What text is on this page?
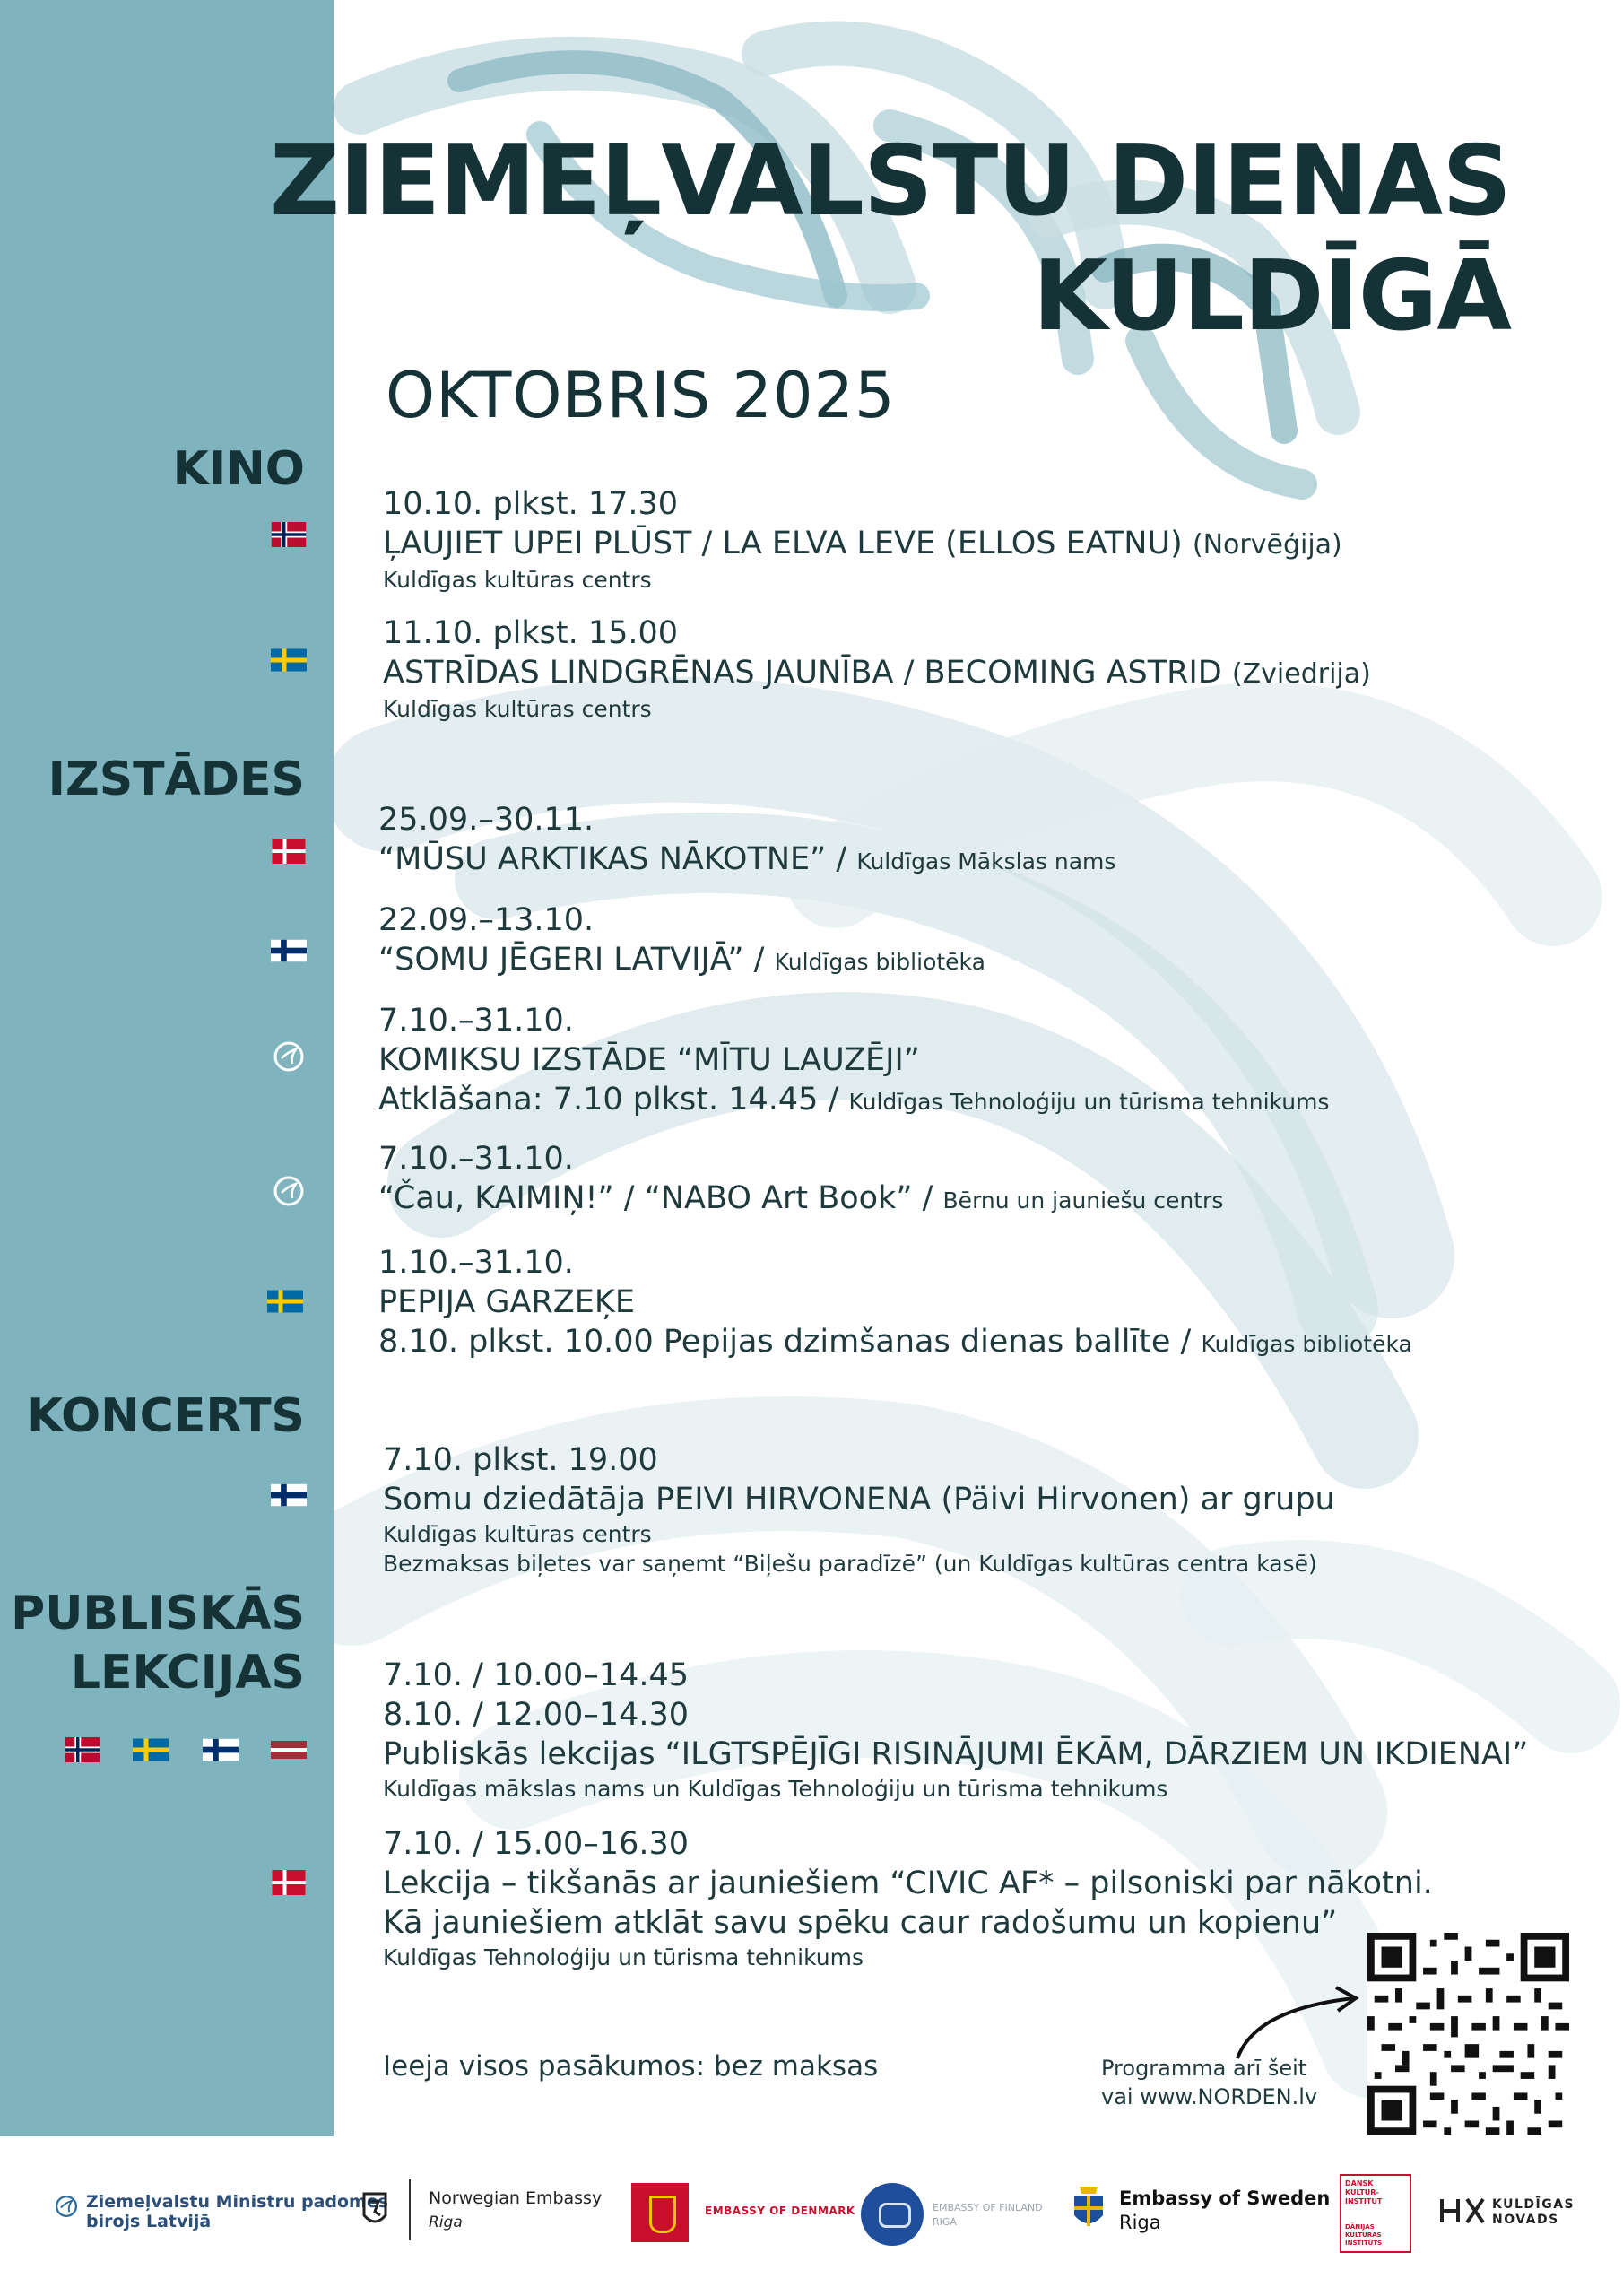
ZIEMEĻVALSTU DIENAS
KULDĪGĀ
OKTOBRIS 2025
KINO
IZSTĀDES
KONCERTS
PUBLISKĀS
LEKCIJAS
10.10. plkst. 17.30
ĻAUJIET UPEI PLŪST / LA ELVA LEVE (ELLOS EATNU) (Norvēģija)
Kuldīgas kultūras centrs
11.10. plkst. 15.00
ASTRĪDAS LINDGRĒNAS JAUNĪBA / BECOMING ASTRID (Zviedrija)
Kuldīgas kultūras centrs
25.09.–30.11.
“MŪSU ARKTIKAS NĀKOTNE” / Kuldīgas Mākslas nams
22.09.–13.10.
“SOMU JĒGERI LATVIJĀ” / Kuldīgas bibliotēka
7.10.–31.10.
KOMIKSU IZSTĀDE “MĪTU LAUZĒJI”
Atklāšana: 7.10 plkst. 14.45 / Kuldīgas Tehnoloģiju un tūrisma tehnikums
7.10.–31.10.
“Čau, KAIMIŅ!” / “NABO Art Book” / Bērnu un jauniešu centrs
1.10.–31.10.
PEPIJA GARZEĶE
8.10. plkst. 10.00 Pepijas dzimšanas dienas ballīte / Kuldīgas bibliotēka
7.10. plkst. 19.00
Somu dziedātāja PEIVI HIRVONENA (Päivi Hirvonen) ar grupu
Kuldīgas kultūras centrs
Bezmaksas biļetes var saņemt “Biļešu paradīzē” (un Kuldīgas kultūras centra kasē)
7.10. / 10.00–14.45
8.10. / 12.00–14.30
Publiskās lekcijas “ILGTSPĒJĪGI RISINĀJUMI ĒKĀM, DĀRZIEM UN IKDIENAI”
Kuldīgas mākslas nams un Kuldīgas Tehnoloģiju un tūrisma tehnikums
7.10. / 15.00–16.30
Lekcija – tikšanās ar jauniešiem “CIVIC AF* – pilsoniski par nākotni.
Kā jauniešiem atklāt savu spēku caur radošumu un kopienu”
Kuldīgas Tehnoloģiju un tūrisma tehnikums
Ieeja visos pasākumos: bez maksas	Programma arī šeit
vai www.NORDEN.lv
Ziemeļvalstu Ministru padomes
birojs Latvijā
Norwegian Embassy
Riga
EMBASSY OF DENMARK	EMBASSY OF FINLAND
RIGA
Embassy of Sweden
Riga
DANSK KULTUR-INSTITUT
DĀNIJAS KULTŪRAS INSTITŪTS
KULDĪGAS
NOVADS
